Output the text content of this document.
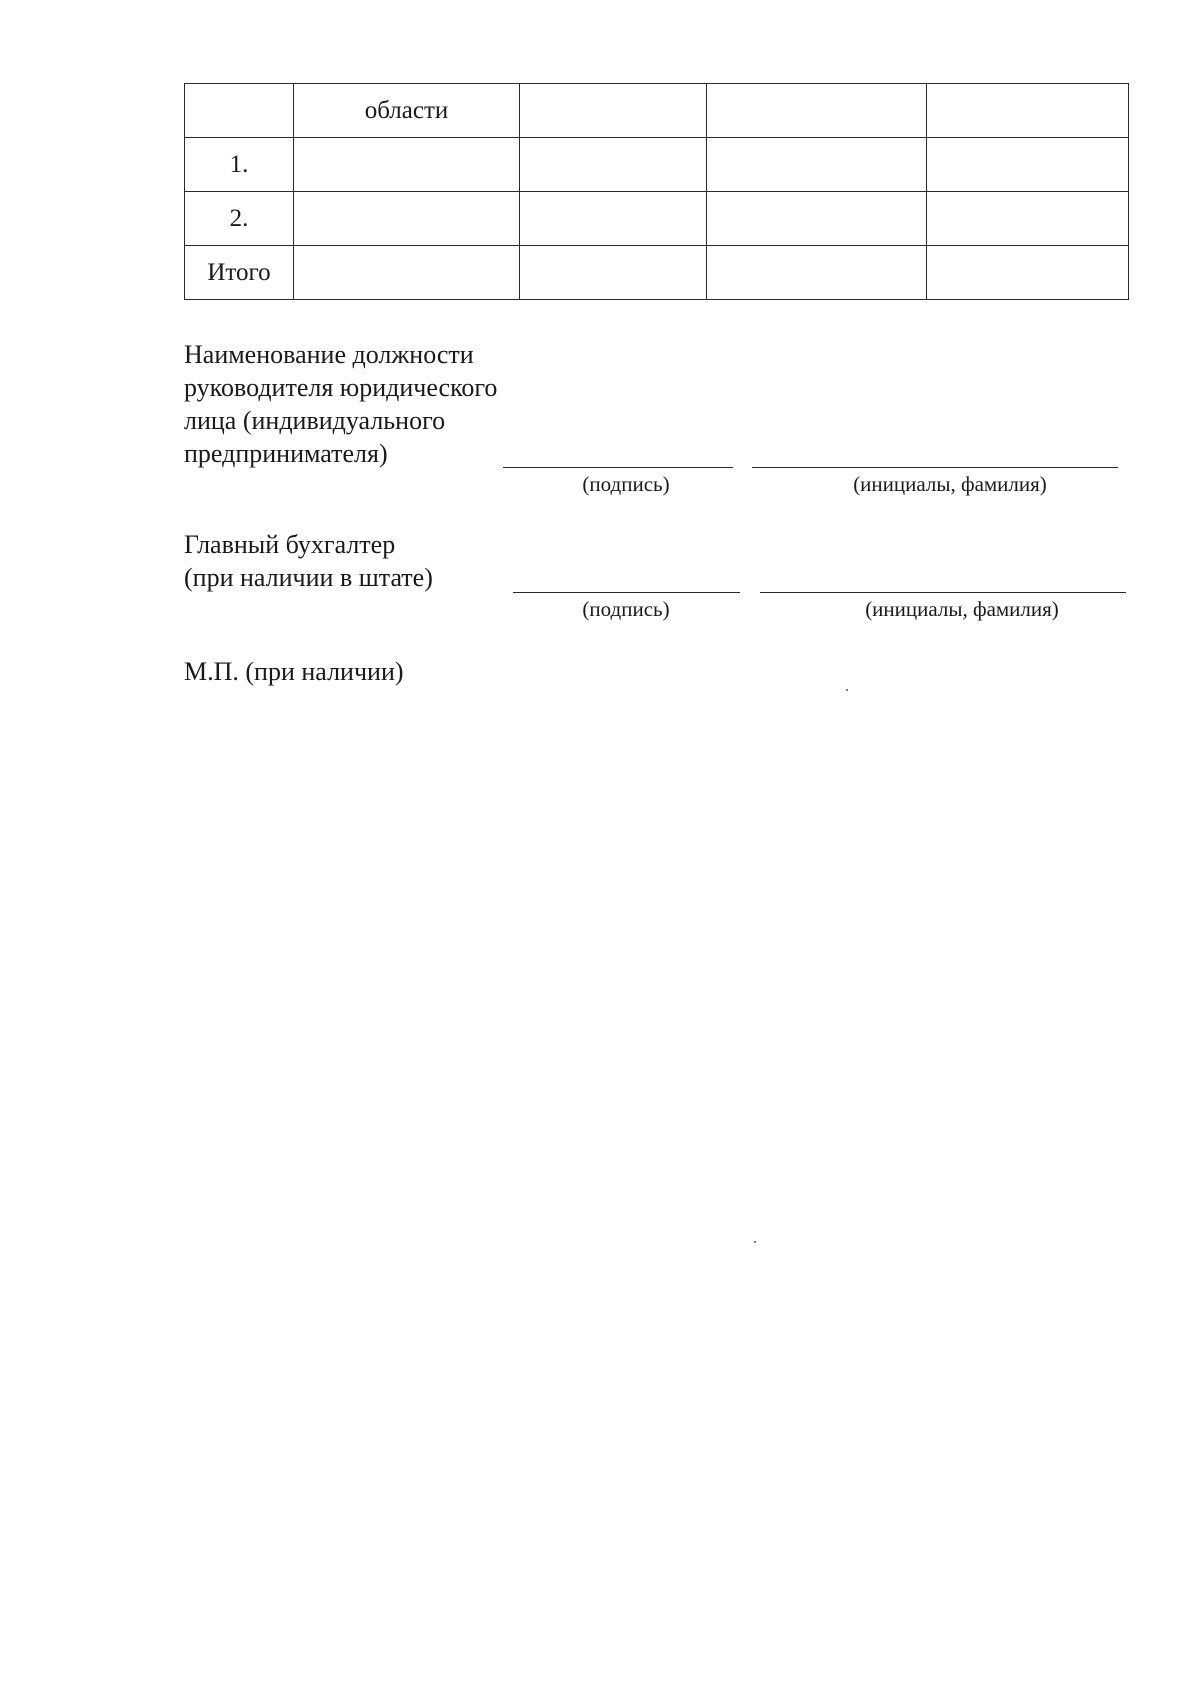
	области			
1.				
2.				
Итого				
Наименование должности
руководителя юридического
лица (индивидуального
предпринимателя)
(подпись)	(инициалы, фамилия)
Главный бухгалтер
(при наличии в штате)
(подпись)	(инициалы, фамилия)
М.П. (при наличии)
